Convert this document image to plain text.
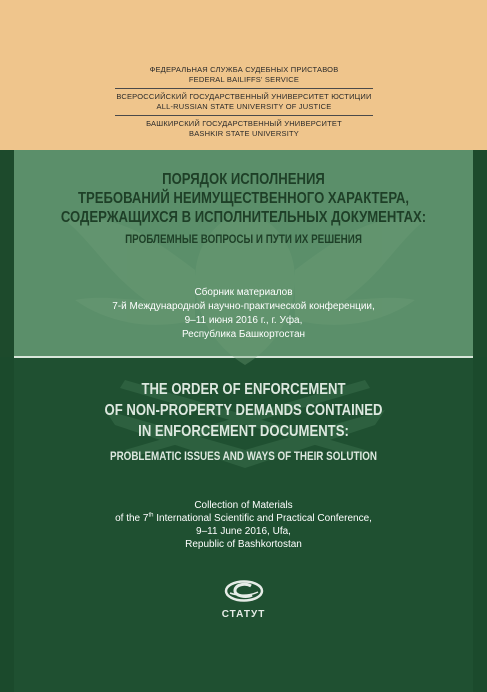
ФЕДЕРАЛЬНАЯ СЛУЖБА СУДЕБНЫХ ПРИСТАВОВ
FEDERAL BAILIFFS' SERVICE
ВСЕРОССИЙСКИЙ ГОСУДАРСТВЕННЫЙ УНИВЕРСИТЕТ ЮСТИЦИИ
ALL-RUSSIAN STATE UNIVERSITY OF JUSTICE
БАШКИРСКИЙ ГОСУДАРСТВЕННЫЙ УНИВЕРСИТЕТ
BASHKIR STATE UNIVERSITY
ПОРЯДОК ИСПОЛНЕНИЯ
ТРЕБОВАНИЙ НЕИМУЩЕСТВЕННОГО ХАРАКТЕРА,
СОДЕРЖАЩИХСЯ В ИСПОЛНИТЕЛЬНЫХ ДОКУМЕНТАХ:
ПРОБЛЕМНЫЕ ВОПРОСЫ И ПУТИ ИХ РЕШЕНИЯ
Сборник материалов
7-й Международной научно-практической конференции,
9–11 июня 2016 г., г. Уфа,
Республика Башкортостан
THE ORDER OF ENFORCEMENT
OF NON-PROPERTY DEMANDS CONTAINED
IN ENFORCEMENT DOCUMENTS:
PROBLEMATIC ISSUES AND WAYS OF THEIR SOLUTION
Collection of Materials
of the 7th International Scientific and Practical Conference,
9–11 June 2016, Ufa,
Republic of Bashkortostan
СТАТУТ
